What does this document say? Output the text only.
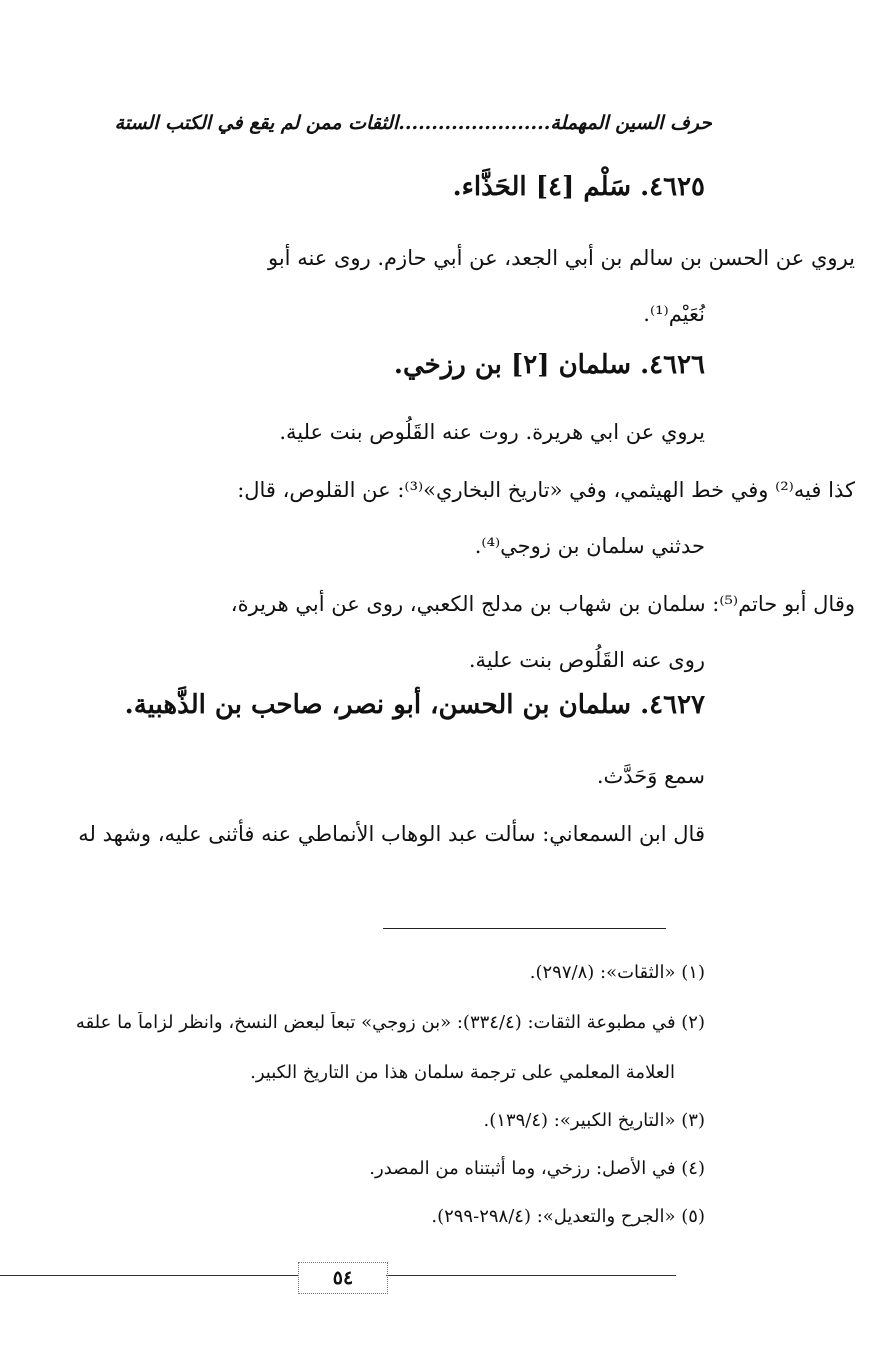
حرف السين المهملة.......................الثقات ممن لم يقع في الكتب الستة
٤٦٢٥. سَلْم [٤] الحَذَّاء.
يروي عن الحسن بن سالم بن أبي الجعد، عن أبي حازم. روى عنه أبو
نُعَيْم⁽¹⁾.
٤٦٢٦. سلمان [٢] بن رزخي.
يروي عن ابي هريرة. روت عنه القَلُوص بنت علية.
كذا فيه⁽²⁾ وفي خط الهيثمي، وفي «تاريخ البخاري»⁽³⁾: عن القلوص، قال:
حدثني سلمان بن زوجي⁽⁴⁾.
وقال أبو حاتم⁽⁵⁾: سلمان بن شهاب بن مدلج الكعبي، روى عن أبي هريرة،
روى عنه القَلُوص بنت علية.
٤٦٢٧. سلمان بن الحسن، أبو نصر، صاحب بن الذَّهبية.
سمع وَحَدَّث.
قال ابن السمعاني: سألت عبد الوهاب الأنماطي عنه فأثنى عليه، وشهد له
(١) «الثقات»: (٢٩٧/٨).
(٢) في مطبوعة الثقات: (٣٣٤/٤): «بن زوجي» تبعاً لبعض النسخ، وانظر لزاماً ما علقه
العلامة المعلمي على ترجمة سلمان هذا من التاريخ الكبير.
(٣) «التاريخ الكبير»: (١٣٩/٤).
(٤) في الأصل: رزخي، وما أثبتناه من المصدر.
(٥) «الجرح والتعديل»: (٢٩٨/٤-٢٩٩).
٥٤
